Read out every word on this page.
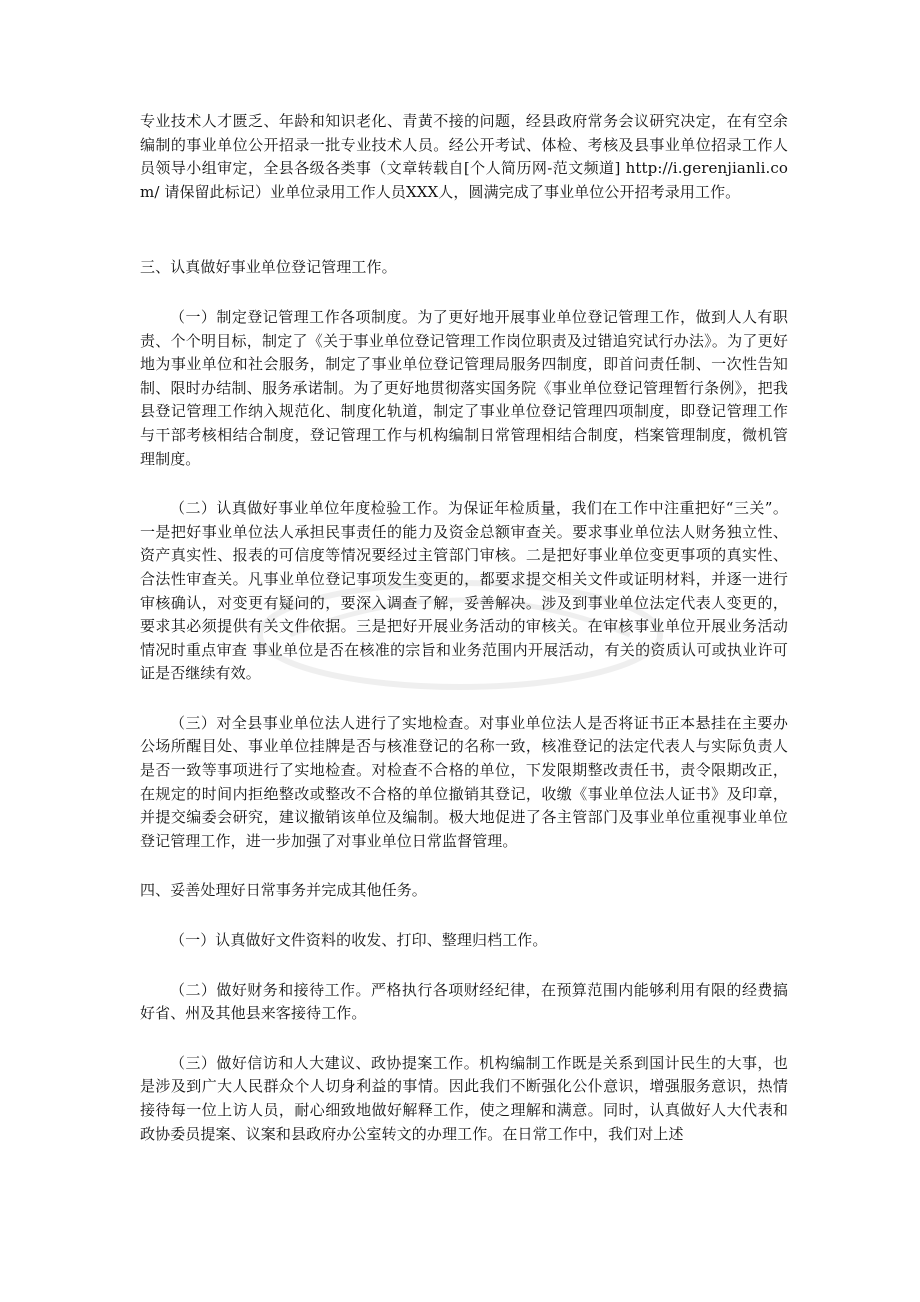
专业技术人才匮乏、年龄和知识老化、青黄不接的问题，经县政府常务会议研究决定，在有空余编制的事业单位公开招录一批专业技术人员。经公开考试、体检、考核及县事业单位招录工作人员领导小组审定，全县各级各类事（文章转载自[个人简历网-范文频道] http://i.gerenjianli.com/ 请保留此标记）业单位录用工作人员XXX人，圆满完成了事业单位公开招考录用工作。

三、认真做好事业单位登记管理工作。

（一）制定登记管理工作各项制度。为了更好地开展事业单位登记管理工作，做到人人有职责、个个明目标，制定了《关于事业单位登记管理工作岗位职责及过错追究试行办法》。为了更好地为事业单位和社会服务，制定了事业单位登记管理局服务四制度，即首问责任制、一次性告知制、限时办结制、服务承诺制。为了更好地贯彻落实国务院《事业单位登记管理暂行条例》，把我县登记管理工作纳入规范化、制度化轨道，制定了事业单位登记管理四项制度，即登记管理工作与干部考核相结合制度，登记管理工作与机构编制日常管理相结合制度，档案管理制度，微机管理制度。

（二）认真做好事业单位年度检验工作。为保证年检质量，我们在工作中注重把好“三关”。一是把好事业单位法人承担民事责任的能力及资金总额审查关。要求事业单位法人财务独立性、资产真实性、报表的可信度等情况要经过主管部门审核。二是把好事业单位变更事项的真实性、合法性审查关。凡事业单位登记事项发生变更的，都要求提交相关文件或证明材料，并逐一进行审核确认，对变更有疑问的，要深入调查了解，妥善解决。涉及到事业单位法定代表人变更的，要求其必须提供有关文件依据。三是把好开展业务活动的审核关。在审核事业单位开展业务活动情况时重点审查 事业单位是否在核准的宗旨和业务范围内开展活动，有关的资质认可或执业许可证是否继续有效。

（三）对全县事业单位法人进行了实地检查。对事业单位法人是否将证书正本悬挂在主要办公场所醒目处、事业单位挂牌是否与核准登记的名称一致，核准登记的法定代表人与实际负责人是否一致等事项进行了实地检查。对检查不合格的单位，下发限期整改责任书，责令限期改正，在规定的时间内拒绝整改或整改不合格的单位撤销其登记，收缴《事业单位法人证书》及印章，并提交编委会研究，建议撤销该单位及编制。极大地促进了各主管部门及事业单位重视事业单位登记管理工作，进一步加强了对事业单位日常监督管理。

四、妥善处理好日常事务并完成其他任务。

（一）认真做好文件资料的收发、打印、整理归档工作。

（二）做好财务和接待工作。严格执行各项财经纪律，在预算范围内能够利用有限的经费搞好省、州及其他县来客接待工作。

（三）做好信访和人大建议、政协提案工作。机构编制工作既是关系到国计民生的大事，也是涉及到广大人民群众个人切身利益的事情。因此我们不断强化公仆意识，增强服务意识，热情接待每一位上访人员，耐心细致地做好解释工作，使之理解和满意。同时，认真做好人大代表和政协委员提案、议案和县政府办公室转文的办理工作。在日常工作中，我们对上述
